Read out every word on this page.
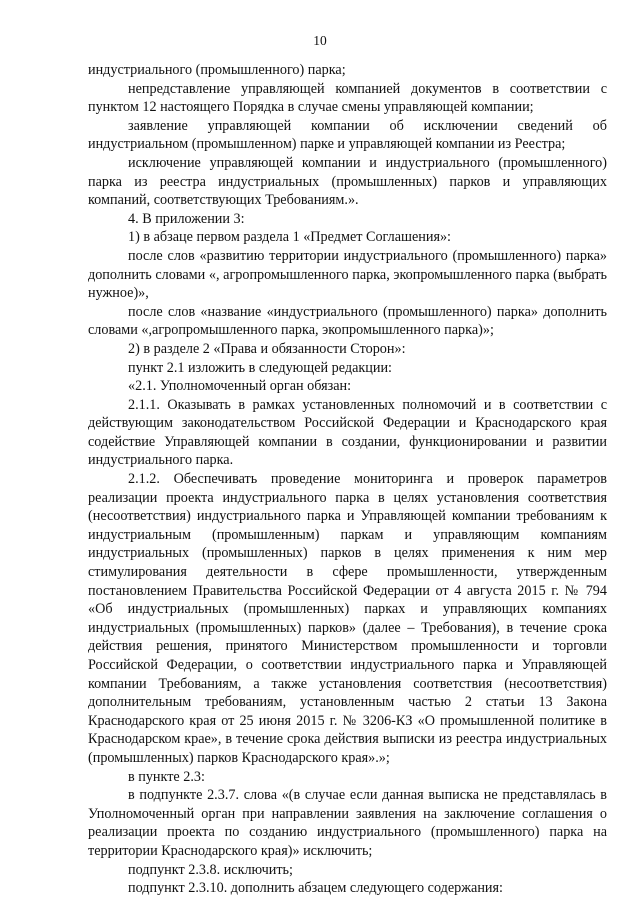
10

индустриального (промышленного) парка;

непредставление управляющей компанией документов в соответствии с пунктом 12 настоящего Порядка в случае смены управляющей компании;

заявление управляющей компании об исключении сведений об индустриальном (промышленном) парке и управляющей компании из Реестра;

исключение управляющей компании и индустриального (промышленного) парка из реестра индустриальных (промышленных) парков и управляющих компаний, соответствующих Требованиям.».

4. В приложении 3:

1) в абзаце первом раздела 1 «Предмет Соглашения»:

после слов «развитию территории индустриального (промышленного) парка» дополнить словами «, агропромышленного парка, экопромышленного парка (выбрать нужное)»,

после слов «название «индустриального (промышленного) парка» дополнить словами «,агропромышленного парка, экопромышленного парка)»;

2) в разделе 2 «Права и обязанности Сторон»:

пункт 2.1 изложить в следующей редакции:

«2.1. Уполномоченный орган обязан:

2.1.1. Оказывать в рамках установленных полномочий и в соответствии с действующим законодательством Российской Федерации и Краснодарского края содействие Управляющей компании в создании, функционировании и развитии индустриального парка.

2.1.2. Обеспечивать проведение мониторинга и проверок параметров реализации проекта индустриального парка в целях установления соответствия (несоответствия) индустриального парка и Управляющей компании требованиям к индустриальным (промышленным) паркам и управляющим компаниям индустриальных (промышленных) парков в целях применения к ним мер стимулирования деятельности в сфере промышленности, утвержденным постановлением Правительства Российской Федерации от 4 августа 2015 г. № 794 «Об индустриальных (промышленных) парках и управляющих компаниях индустриальных (промышленных) парков» (далее – Требования), в течение срока действия решения, принятого Министерством промышленности и торговли Российской Федерации, о соответствии индустриального парка и Управляющей компании Требованиям, а также установления соответствия (несоответствия) дополнительным требованиям, установленным частью 2 статьи 13 Закона Краснодарского края от 25 июня 2015 г. № 3206-КЗ «О промышленной политике в Краснодарском крае», в течение срока действия выписки из реестра индустриальных (промышленных) парков Краснодарского края».»;

в пункте 2.3:

в подпункте 2.3.7. слова «(в случае если данная выписка не представлялась в Уполномоченный орган при направлении заявления на заключение соглашения о реализации проекта по созданию индустриального (промышленного) парка на территории Краснодарского края)» исключить;

подпункт 2.3.8. исключить;

подпункт 2.3.10. дополнить абзацем следующего содержания:
